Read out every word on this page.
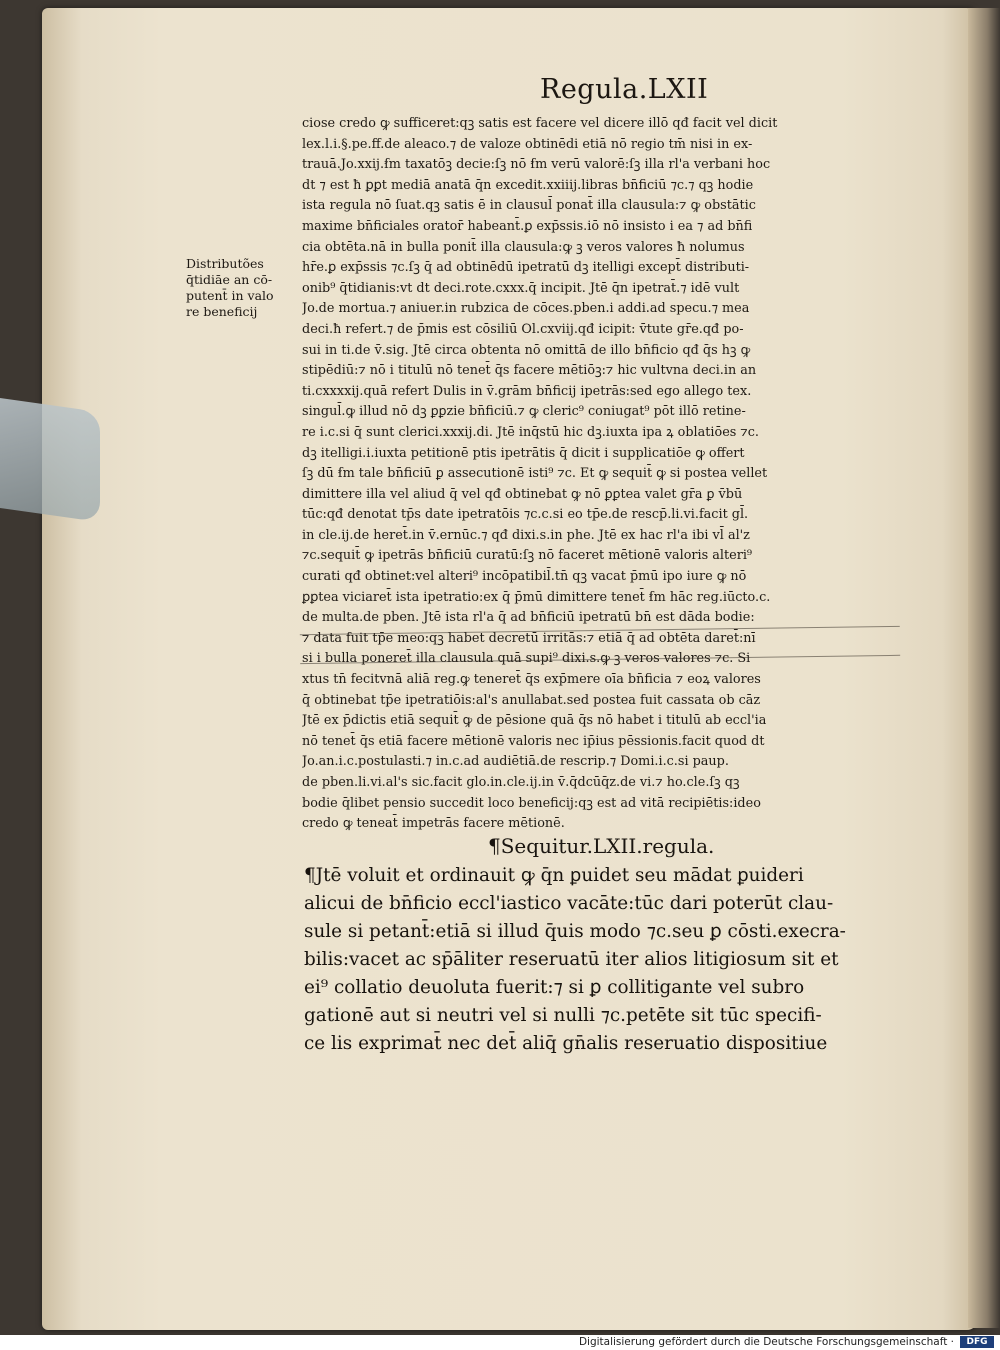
Regula.LXII
Distributões
q̄tidiāe an cō-
putent̄ in valo
re beneficij
ciose credo ꝙ sufficeret:qꝫ satis est facere vel dicere illō qđ facit vel dicit
lex.l.i.§.pe.ff.de aleaco.⁊ de valoze obtinēdi etiā nō regio tm̄ nisi in ex-
trauā.Jo.xxij.ẜm taxatōꝫ decie:ſꝫ nō ẜm verū valorē:ſꝫ illa rl'a verbani hoc
dt ⁊ est ħ ꝑꝑt mediā anatā q̄n excedit.xxiiij.libras bn̄ficiū ⁊c.⁊ qꝫ hodie
ista regula nō ſuat.qꝫ satis ē in clausul̄ ponat̄ illa clausula:⁊ ꝙ obstātic
maxime bn̄ficiales orator̄ habeant̄.ꝑ exp̄ssis.iō nō insisto i ea ⁊ ad bn̄fi
cia obtēta.nā in bulla ponit̄ illa clausula:ꝙ ꝫ veros valores ħ nolumus
hr̄e.ꝑ exp̄ssis ⁊c.ſꝫ q̄ ad obtinēdū ipetratū dꝫ itelligi except̄ distributi-
onib⁹ q̄tidianis:vt dt deci.rote.cxxx.q̄ incipit. Jtē q̄n ipetrat̄.⁊ idē vult
Jo.de mortua.⁊ aniuer.in rubzica de cōces.pben.i addi.ad specu.⁊ mea
deci.ħ refert.⁊ de p̄mis est cōsiliū Ol.cxviij.qđ icipit: v̄tute gr̄e.qđ po-
sui in ti.de v̄.sig. Jtē circa obtenta nō omittā de illo bn̄ficio qđ q̄s hꝫ ꝙ
stipēdiū:⁊ nō i titulū nō tenet̄ q̄s facere mētiōꝫ:⁊ hic vultvna deci.in an
ti.cxxxxij.quā refert Dulis in v̄.grām bn̄ficij ipetrās:sed ego allego tex.
singul̄.ꝙ illud nō dꝫ ꝑꝑzie bn̄ficiū.⁊ ꝙ cleric⁹ coniugat⁹ pōt illō retine-
re i.c.si q̄ sunt clerici.xxxij.di. Jtē inq̄stū hic dꝫ.iuxta ipa ꝝ oblatiōes ⁊c.
dꝫ itelligi.i.iuxta petitionē ptis ipetrātis q̄ dicit i supplicatiōe ꝙ offert
ſꝫ dū ẜm tale bn̄ficiū ꝑ assecutionē isti⁹ ⁊c. Et ꝙ sequit̄ ꝙ si postea vellet
dimittere illa vel aliud q̄ vel qđ obtinebat ꝙ nō ꝑꝑtea valet gr̄a ꝑ v̄bū
tūc:qđ denotat tp̄s date ipetratōis ⁊c.c.si eo tp̄e.de rescp̄.li.vi.facit gl̄.
in cle.ij.de heret̄.in v̄.ernūc.⁊ qđ dixi.s.in phe. Jtē ex hac rl'a ibi vl̄ al'z
⁊c.sequit̄ ꝙ ipetrās bn̄ficiū curatū:ſꝫ nō faceret mētionē valoris alteri⁹
curati qđ obtinet:vel alteri⁹ incōpatibil̄.tn̄ qꝫ vacat p̄mū ipo iure ꝙ nō
ꝑꝑtea viciaret̄ ista ipetratio:ex q̄ p̄mū dimittere tenet̄ ẜm hāc reg.iūcto.c.
de multa.de pben. Jtē ista rl'a q̄ ad bn̄ficiū ipetratū bn̄ est dāda bodie:
⁊ data fuit tp̄e meo:qꝫ habet decretū irritās:⁊ etiā q̄ ad obtēta daret̄:nī
si i bulla poneret̄ illa clausula quā supi⁹ dixi.s.ꝙ ꝫ veros valores ⁊c. Si
xtus tn̄ fecitvnā aliā reg.ꝙ teneret̄ q̄s exp̄mere oīa bn̄ficia ⁊ eoꝝ valores
q̄ obtinebat tp̄e ipetratiōis:al's anullabat.sed postea fuit cassata ob cāz
Jtē ex p̄dictis etiā sequit̄ ꝙ de pēsione quā q̄s nō habet i titulū ab eccl'ia
nō tenet̄ q̄s etiā facere mētionē valoris nec ip̄ius pēssionis.facit quod dt
Jo.an.i.c.postulasti.⁊ in.c.ad audiētiā.de rescrip.⁊ Domi.i.c.si paup.
de pben.li.vi.al's sic.facit glo.in.cle.ij.in v̄.q̄dcūq̄z.de vi.⁊ ho.cle.ſꝫ qꝫ
bodie q̄libet pensio succedit loco beneficij:qꝫ est ad vitā recipiētis:ideo
credo ꝙ teneat̄ impetrās facere mētionē.
¶Sequitur.LXII.regula.
¶Jtē voluit et ordinauit ꝙ q̄n ꝑuidet seu mādat ꝑuideri
alicui de bn̄ficio eccl'iastico vacāte:tūc dari poterūt clau-
sule si petant̄:etiā si illud q̄uis modo ⁊c.seu ꝑ cōsti.execra-
bilis:vacet ac sp̄āliter reseruatū iter alios litigiosum sit et
ei⁹ collatio deuoluta fuerit:⁊ si ꝑ collitigante vel subro
gationē aut si neutri vel si nulli ⁊c.petēte sit tūc specifi-
ce lis exprimat̄ nec det̄ aliq̄ gn̄alis reseruatio dispositiue
Digitalisierung gefördert durch die Deutsche Forschungsgemeinschaft ·	DFG
